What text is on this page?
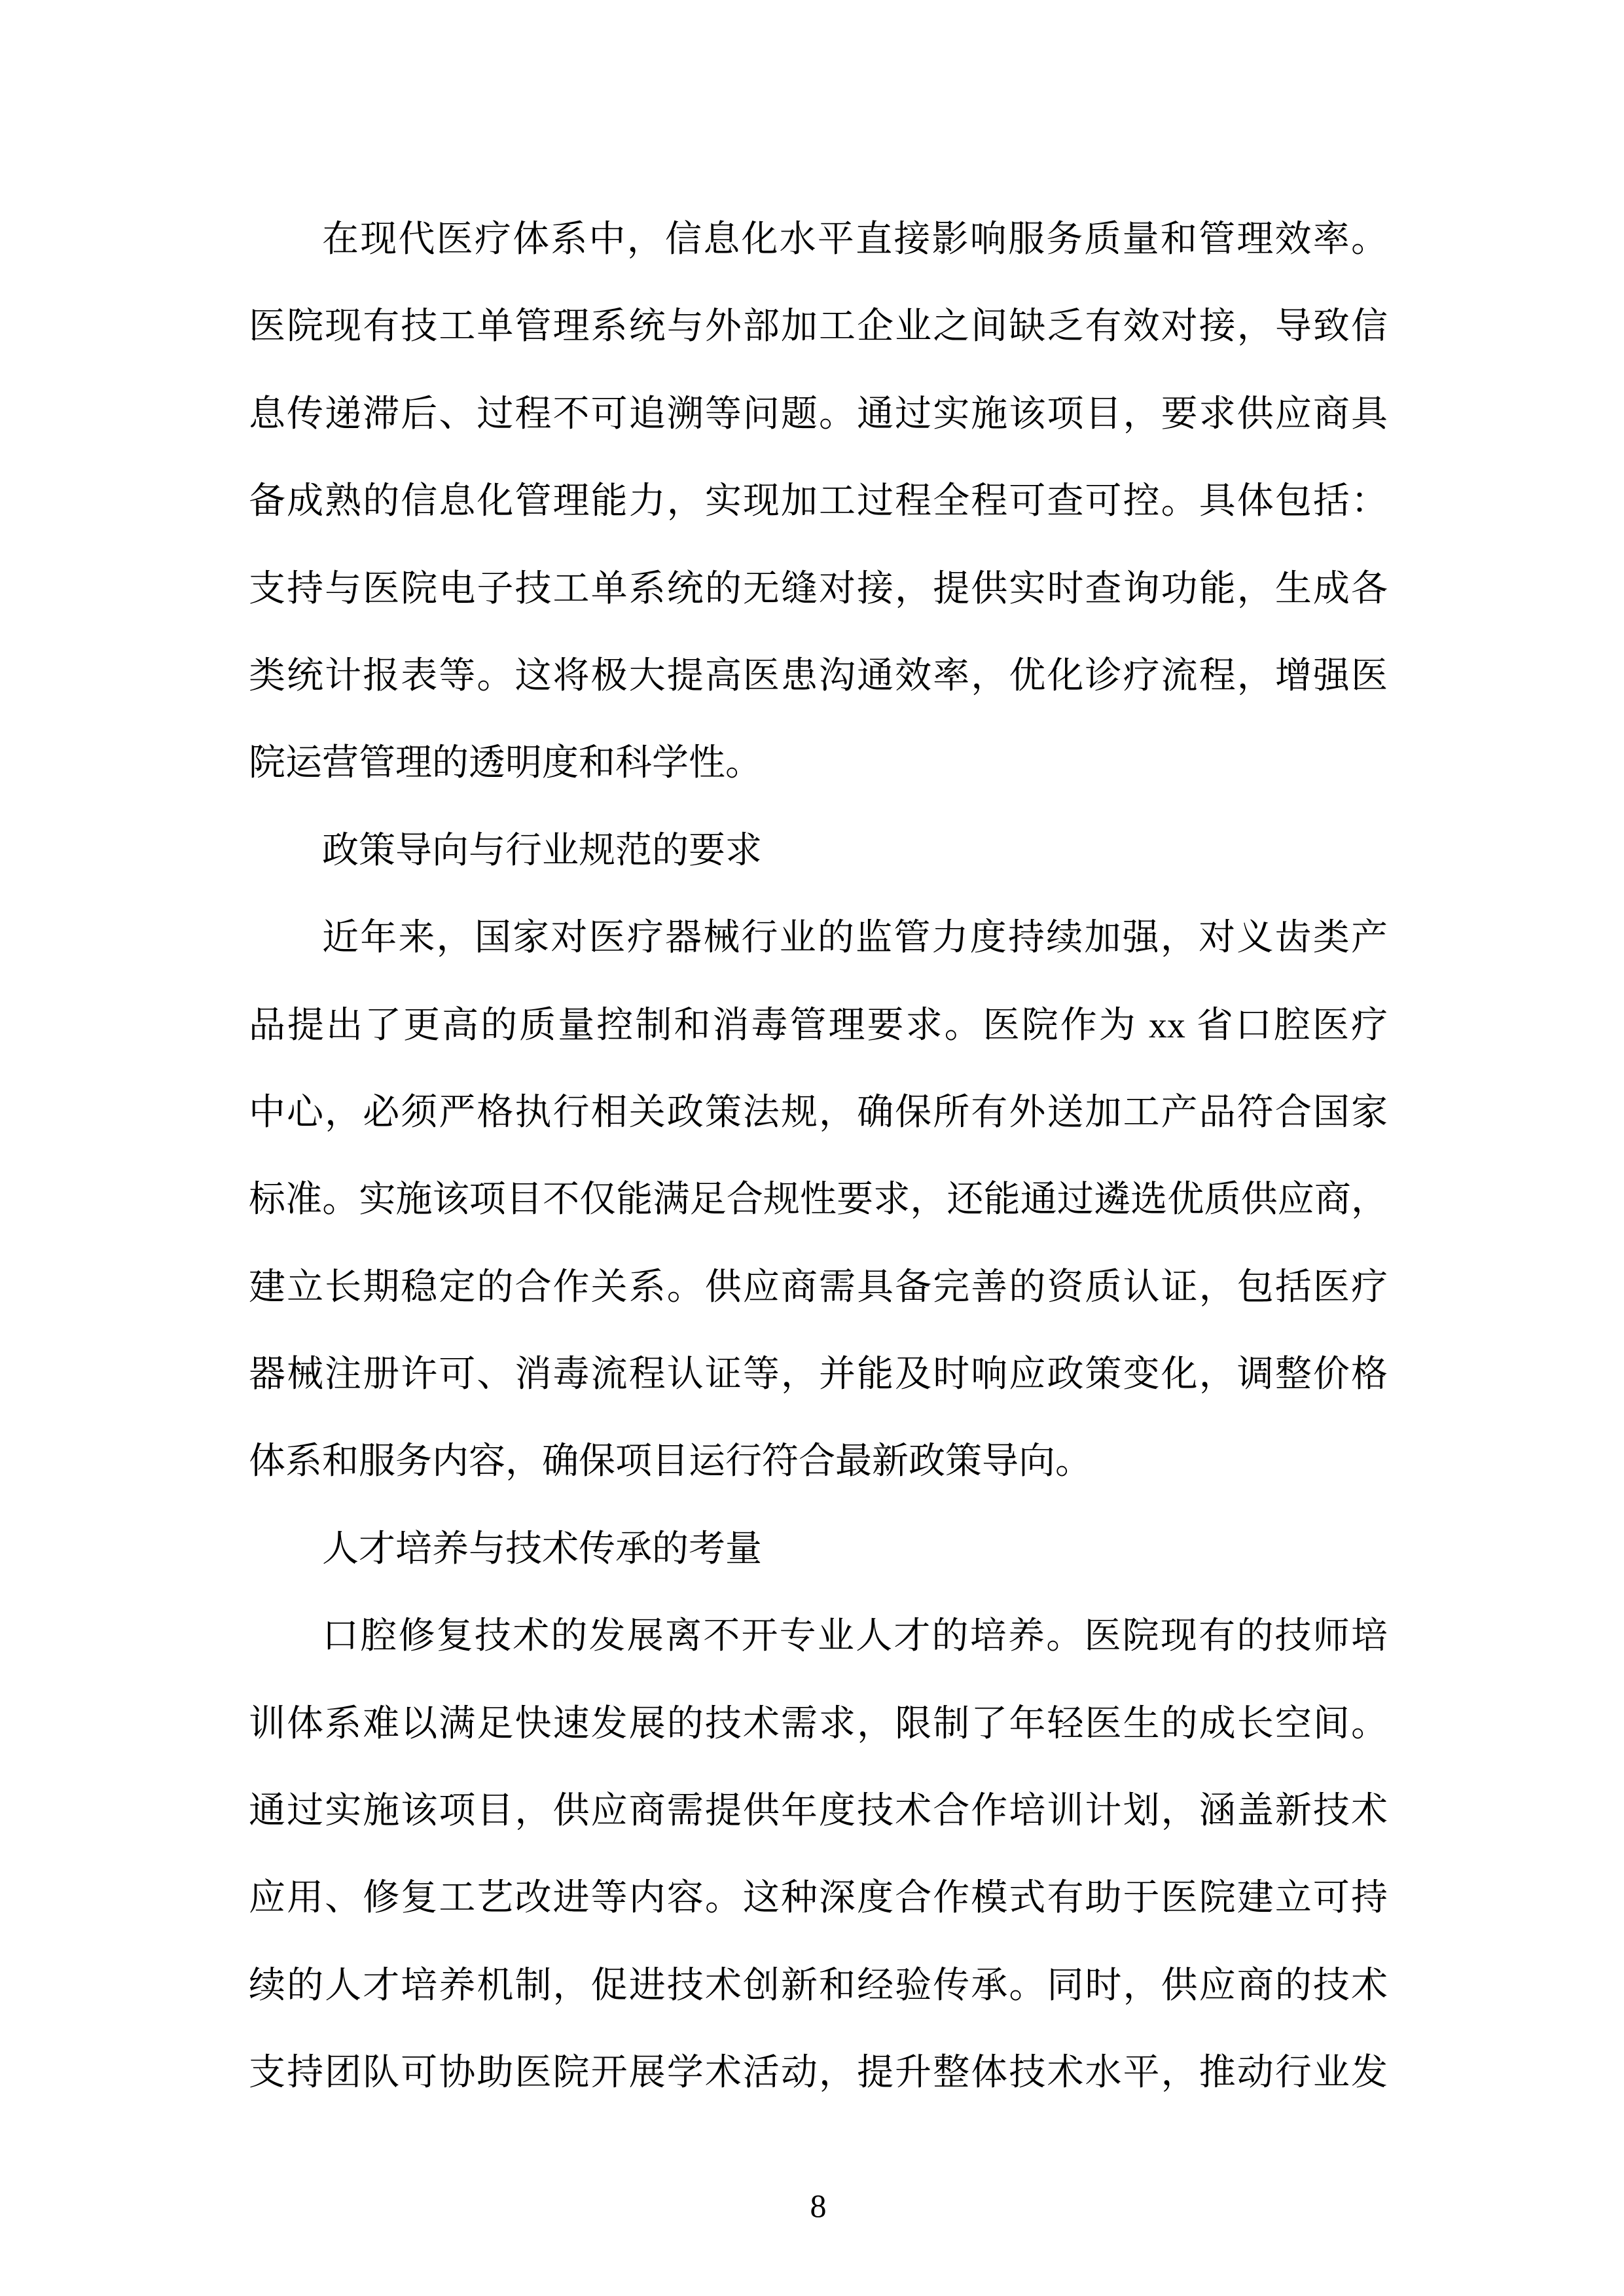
在现代医疗体系中，信息化水平直接影响服务质量和管理效率。
医院现有技工单管理系统与外部加工企业之间缺乏有效对接，导致信
息传递滞后、过程不可追溯等问题。通过实施该项目，要求供应商具
备成熟的信息化管理能力，实现加工过程全程可查可控。具体包括：
支持与医院电子技工单系统的无缝对接，提供实时查询功能，生成各
类统计报表等。这将极大提高医患沟通效率，优化诊疗流程，增强医
院运营管理的透明度和科学性。
政策导向与行业规范的要求
近年来，国家对医疗器械行业的监管力度持续加强，对义齿类产
品提出了更高的质量控制和消毒管理要求。医院作为 xx 省口腔医疗
中心，必须严格执行相关政策法规，确保所有外送加工产品符合国家
标准。实施该项目不仅能满足合规性要求，还能通过遴选优质供应商，
建立长期稳定的合作关系。供应商需具备完善的资质认证，包括医疗
器械注册许可、消毒流程认证等，并能及时响应政策变化，调整价格
体系和服务内容，确保项目运行符合最新政策导向。
人才培养与技术传承的考量
口腔修复技术的发展离不开专业人才的培养。医院现有的技师培
训体系难以满足快速发展的技术需求，限制了年轻医生的成长空间。
通过实施该项目，供应商需提供年度技术合作培训计划，涵盖新技术
应用、修复工艺改进等内容。这种深度合作模式有助于医院建立可持
续的人才培养机制，促进技术创新和经验传承。同时，供应商的技术
支持团队可协助医院开展学术活动，提升整体技术水平，推动行业发
8
